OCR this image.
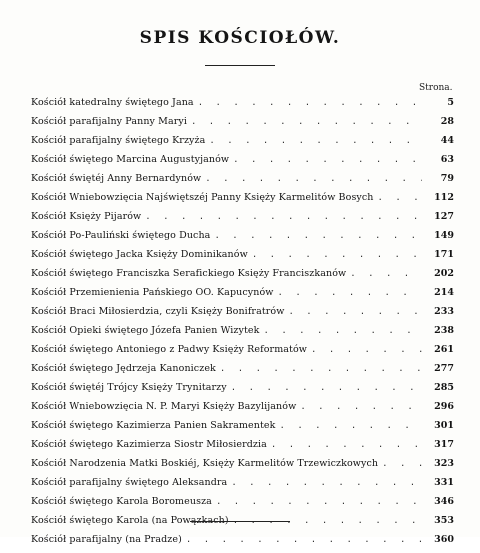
SPIS KOŚCIOŁÓW.
Strona.
Kościół katedralny świętego Jana . . .	5
Kościół parafijalny Panny Maryi . . .	28
Kościół parafijalny świętego Krzyża . . .	44
Kościół świętego Marcina Augustyjanów . . .	63
Kościół świętéj Anny Bernardynów . . .	79
Kościół Wniebowzięcia Najświętszéj Panny Księży Karmelitów Bosych . . .	112
Kościół Księży Pijarów . . .	127
Kościół Po-Pauliński świętego Ducha . . .	149
Kościół świętego Jacka Księży Dominikanów . . .	171
Kościół świętego Franciszka Serafickiego Księży Franciszkanów . . .	202
Kościół Przemienienia Pańskiego OO. Kapucynów . . .	214
Kościół Braci Miłosierdzia, czyli Księży Bonifratrów . . .	233
Kościół Opieki świętego Józefa Panien Wizytek . . .	238
Kościół świętego Antoniego z Padwy Księży Reformatów . . .	261
Kościół świętego Jędrzeja Kanoniczek . . .	277
Kościół świętéj Trójcy Księży Trynitarzy . . .	285
Kościół Wniebowzięcia N. P. Maryi Księży Bazylijanów . . .	296
Kościół świętego Kazimierza Panien Sakramentek . . .	301
Kościół świętego Kazimierza Siostr Miłosierdzia . . .	317
Kościół Narodzenia Matki Boskiéj, Księży Karmelitów Trzewiczkowych . . .	323
Kościół parafijalny świętego Aleksandra . . .	331
Kościół świętego Karola Boromeusza . . .	346
Kościół świętego Karola (na Powązkach) . . .	353
Kościół parafijalny (na Pradze) . . .	360
